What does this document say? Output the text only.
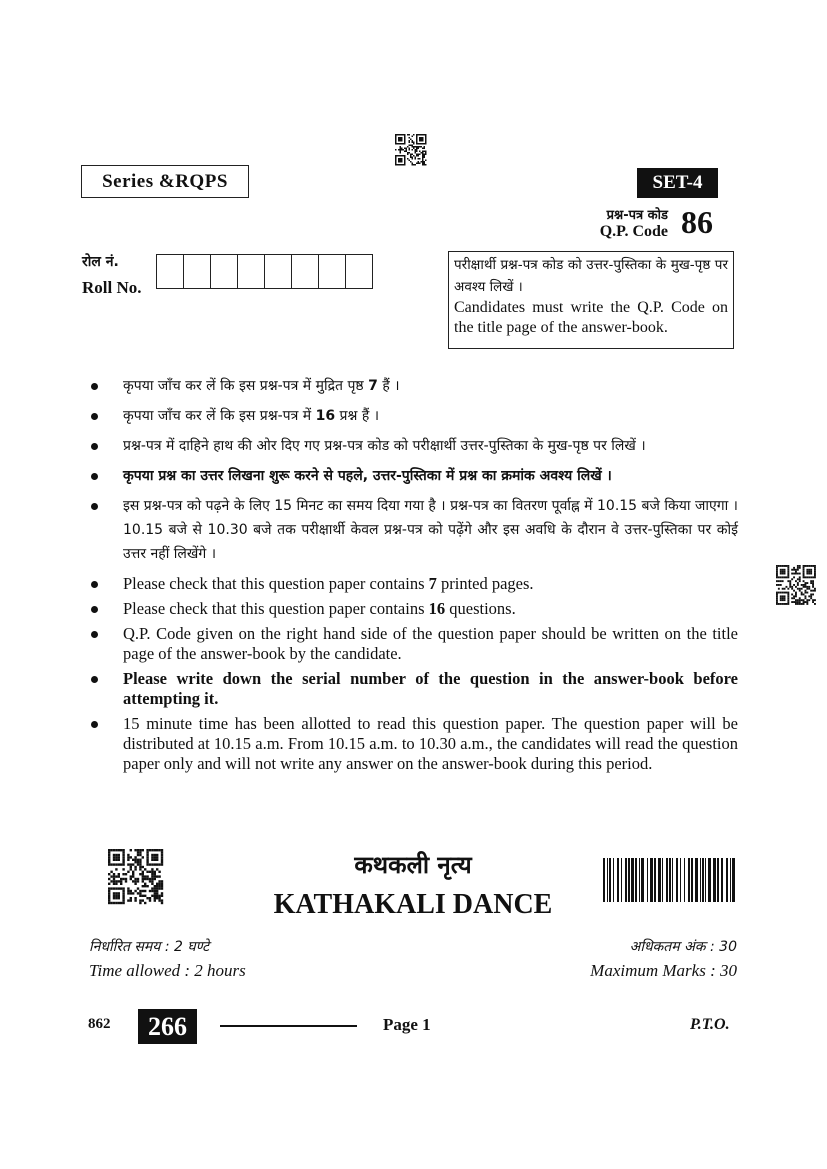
Series &RQPS	SET-4
प्रश्न-पत्र कोड
Q.P. Code 86
रोल नं.
Roll No.
परीक्षार्थी प्रश्न-पत्र कोड को उत्तर-पुस्तिका के मुख-पृष्ठ पर अवश्य लिखें ।
Candidates must write the Q.P. Code on the title page of the answer-book.
कृपया जाँच कर लें कि इस प्रश्न-पत्र में मुद्रित पृष्ठ 7 हैं ।
कृपया जाँच कर लें कि इस प्रश्न-पत्र में 16 प्रश्न हैं ।
प्रश्न-पत्र में दाहिने हाथ की ओर दिए गए प्रश्न-पत्र कोड को परीक्षार्थी उत्तर-पुस्तिका के मुख-पृष्ठ पर लिखें ।
कृपया प्रश्न का उत्तर लिखना शुरू करने से पहले, उत्तर-पुस्तिका में प्रश्न का क्रमांक अवश्य लिखें ।
इस प्रश्न-पत्र को पढ़ने के लिए 15 मिनट का समय दिया गया है । प्रश्न-पत्र का वितरण पूर्वाह्न में 10.15 बजे किया जाएगा । 10.15 बजे से 10.30 बजे तक परीक्षार्थी केवल प्रश्न-पत्र को पढ़ेंगे और इस अवधि के दौरान वे उत्तर-पुस्तिका पर कोई उत्तर नहीं लिखेंगे ।
Please check that this question paper contains 7 printed pages.
Please check that this question paper contains 16 questions.
Q.P. Code given on the right hand side of the question paper should be written on the title page of the answer-book by the candidate.
Please write down the serial number of the question in the answer-book before attempting it.
15 minute time has been allotted to read this question paper. The question paper will be distributed at 10.15 a.m. From 10.15 a.m. to 10.30 a.m., the candidates will read the question paper only and will not write any answer on the answer-book during this period.
कथकली नृत्य
KATHAKALI DANCE
निर्धारित समय : 2 घण्टे
Time allowed : 2 hours
अधिकतम अंक : 30
Maximum Marks : 30
862	266	Page 1	P.T.O.
